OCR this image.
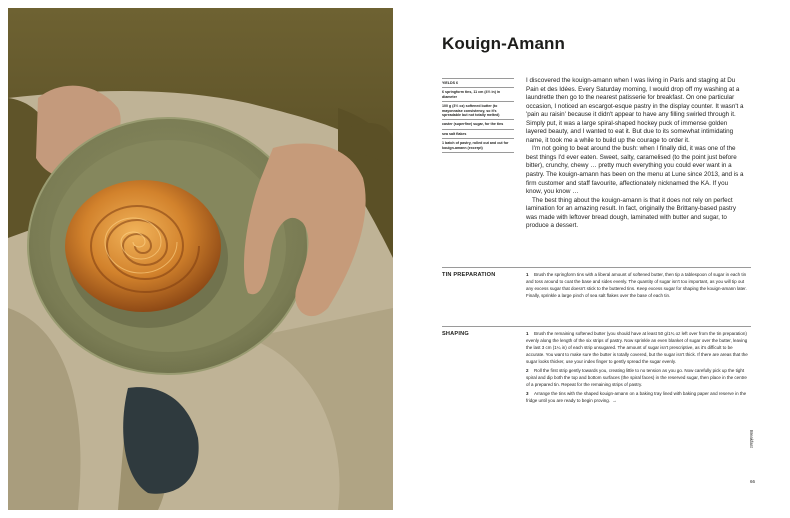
Kouign-Amann
YIELDS 6
6 springform tins, 11 cm (4½ in) in diameter
100 g (3½ oz) softened butter (to mayonnaise consistency, so it's spreadable but not totally melted)
caster (superfine) sugar, for the tins
sea salt flakes
1 batch of pastry, rolled out and cut for kouign-amann (excerpt)

I discovered the kouign-amann when I was living in Paris and staging at Du Pain et des Idées. Every Saturday morning, I would drop off my washing at a laundrette then go to the nearest patisserie for breakfast. On one particular occasion, I noticed an escargot-esque pastry in the display counter. It wasn't a 'pain au raisin' because it didn't appear to have any filling swirled through it. Simply put, it was a large spiral-shaped hockey puck of immense golden layered beauty, and I wanted to eat it. But due to its somewhat intimidating name, it took me a while to build up the courage to order it.

I'm not going to beat around the bush: when I finally did, it was one of the best things I'd ever eaten. Sweet, salty, caramelised (to the point just before bitter), crunchy, chewy … pretty much everything you could ever want in a pastry. The kouign-amann has been on the menu at Lune since 2013, and is a firm customer and staff favourite, affectionately nicknamed the KA. If you know, you know …

The best thing about the kouign-amann is that it does not rely on perfect lamination for an amazing result. In fact, originally the Brittany-based pastry was made with leftover bread dough, laminated with butter and sugar, to produce a dessert.

TIN PREPARATION	1 Brush the springform tins with a liberal amount of softened butter, then tip a tablespoon of sugar in each tin and toss around to coat the base and sides evenly. The quantity of sugar isn't too important, as you will tip out any excess sugar that doesn't stick to the buttered tins. Keep excess sugar for shaping the kouign-amann later. Finally, sprinkle a large pinch of sea salt flakes over the base of each tin.

SHAPING	1 Brush the remaining softened butter (you should have at least 50 g/1¾ oz left over from the tin preparation) evenly along the length of the six strips of pastry. Now sprinkle an even blanket of sugar over the butter, leaving the last 3 cm (1¼ in) of each strip unsugared. The amount of sugar isn't prescriptive, as it's difficult to be accurate. You want to make sure the butter is totally covered, but the sugar isn't thick. If there are areas that the sugar looks thicker, use your index finger to gently spread the sugar evenly.

2 Roll the first strip gently towards you, creating little to no tension as you go. Now carefully pick up the tight spiral and dip both the top and bottom surfaces (the spiral faces) in the reserved sugar, then place in the centre of a prepared tin. Repeat for the remaining strips of pastry.

3 Arrange the tins with the shaped kouign-amann on a baking tray lined with baking paper and reserve in the fridge until you are ready to begin proving. →

Breakfast
66
